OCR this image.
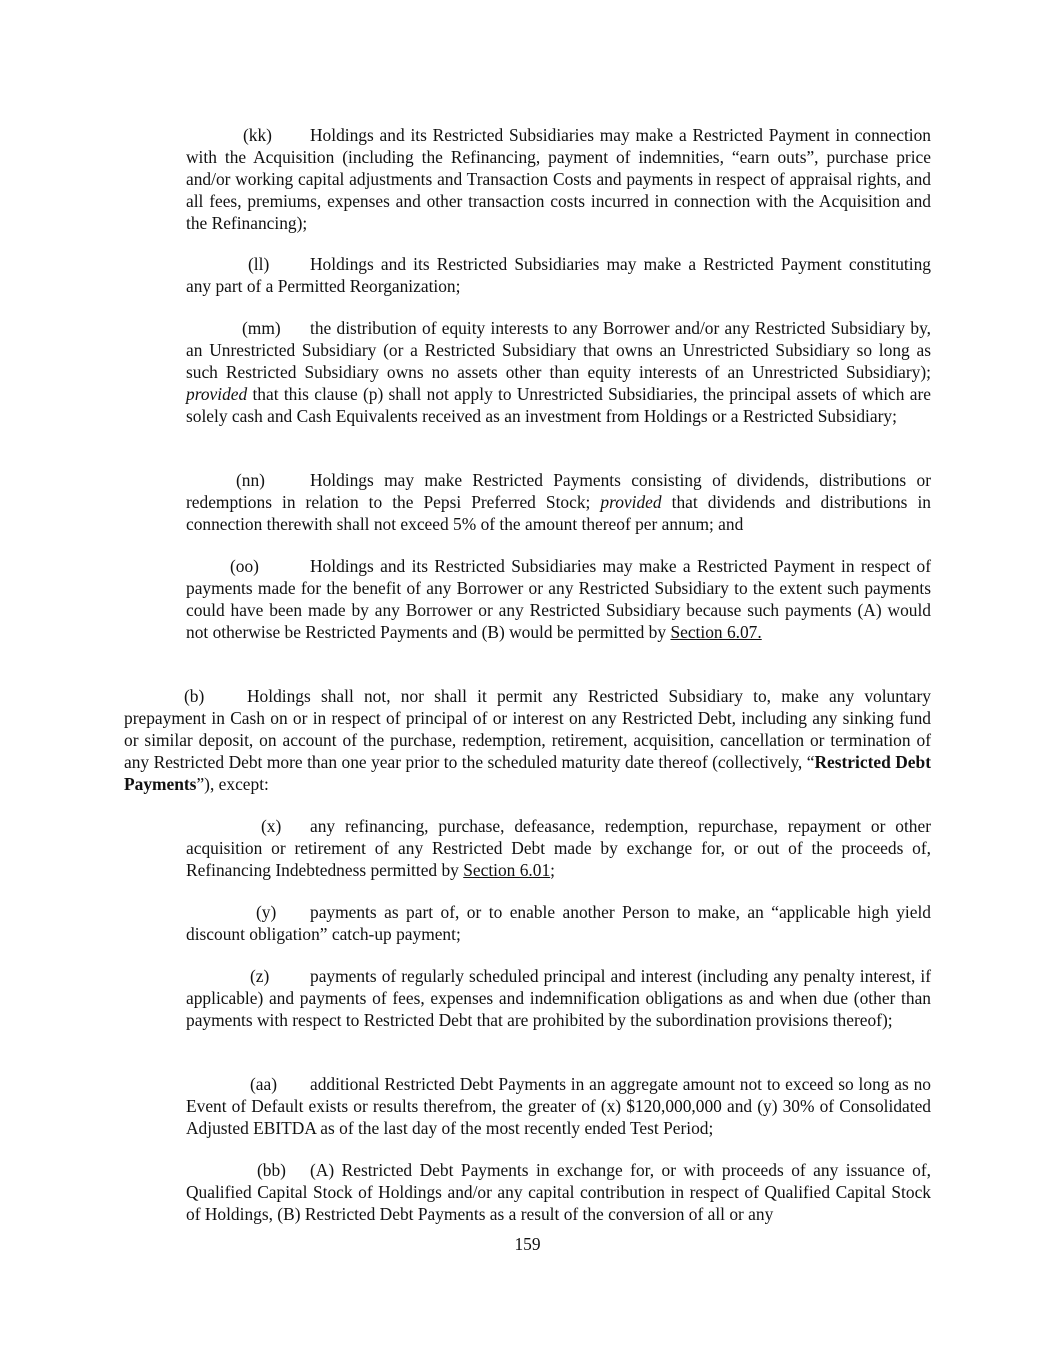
(kk) Holdings and its Restricted Subsidiaries may make a Restricted Payment in connection with the Acquisition (including the Refinancing, payment of indemnities, “earn outs”, purchase price and/or working capital adjustments and Transaction Costs and payments in respect of appraisal rights, and all fees, premiums, expenses and other transaction costs incurred in connection with the Acquisition and the Refinancing);

(ll) Holdings and its Restricted Subsidiaries may make a Restricted Payment constituting any part of a Permitted Reorganization;

(mm) the distribution of equity interests to any Borrower and/or any Restricted Subsidiary by, an Unrestricted Subsidiary (or a Restricted Subsidiary that owns an Unrestricted Subsidiary so long as such Restricted Subsidiary owns no assets other than equity interests of an Unrestricted Subsidiary); provided that this clause (p) shall not apply to Unrestricted Subsidiaries, the principal assets of which are solely cash and Cash Equivalents received as an investment from Holdings or a Restricted Subsidiary;

(nn)	Holdings may make Restricted Payments consisting of dividends, distributions or redemptions in relation to the Pepsi Preferred Stock; provided that dividends and distributions in connection therewith shall not exceed 5% of the amount thereof per annum; and

(oo)	Holdings and its Restricted Subsidiaries may make a Restricted Payment in respect of payments made for the benefit of any Borrower or any Restricted Subsidiary to the extent such payments could have been made by any Borrower or any Restricted Subsidiary because such payments (A) would not otherwise be Restricted Payments and (B) would be permitted by Section 6.07.

(b) Holdings shall not, nor shall it permit any Restricted Subsidiary to, make any voluntary prepayment in Cash on or in respect of principal of or interest on any Restricted Debt, including any sinking fund or similar deposit, on account of the purchase, redemption, retirement, acquisition, cancellation or termination of any Restricted Debt more than one year prior to the scheduled maturity date thereof (collectively, “Restricted Debt Payments”), except:

(x) any refinancing, purchase, defeasance, redemption, repurchase, repayment or other acquisition or retirement of any Restricted Debt made by exchange for, or out of the proceeds of, Refinancing Indebtedness permitted by Section 6.01;

(y) payments as part of, or to enable another Person to make, an “applicable high yield discount obligation” catch-up payment;

(z) payments of regularly scheduled principal and interest (including any penalty interest, if applicable) and payments of fees, expenses and indemnification obligations as and when due (other than payments with respect to Restricted Debt that are prohibited by the subordination provisions thereof);

(aa) additional Restricted Debt Payments in an aggregate amount not to exceed so long as no Event of Default exists or results therefrom, the greater of (x) $120,000,000 and (y) 30% of Consolidated Adjusted EBITDA as of the last day of the most recently ended Test Period;

(bb) (A) Restricted Debt Payments in exchange for, or with proceeds of any issuance of, Qualified Capital Stock of Holdings and/or any capital contribution in respect of Qualified Capital Stock of Holdings, (B) Restricted Debt Payments as a result of the conversion of all or any

159
